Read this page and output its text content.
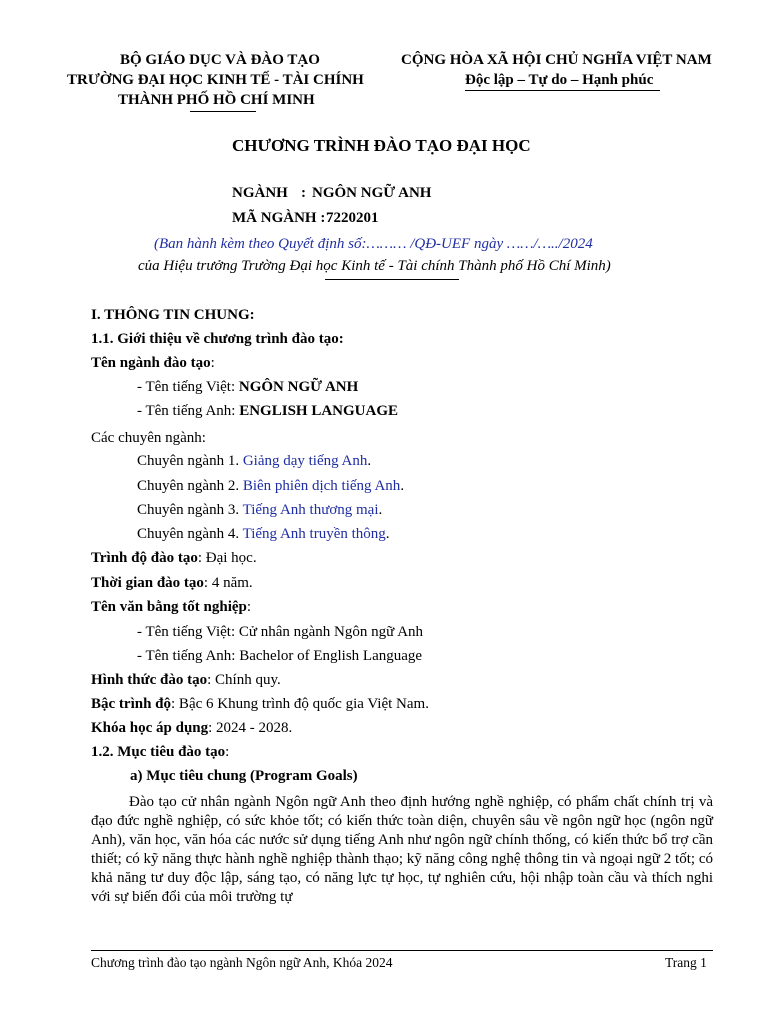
BỘ GIÁO DỤC VÀ ĐÀO TẠO
TRƯỜNG ĐẠI HỌC KINH TẾ - TÀI CHÍNH
THÀNH PHỐ HỒ CHÍ MINH
CỘNG HÒA XÃ HỘI CHỦ NGHĨA VIỆT NAM
Độc lập – Tự do – Hạnh phúc
CHƯƠNG TRÌNH ĐÀO TẠO ĐẠI HỌC
NGÀNH : NGÔN NGỮ ANH
MÃ NGÀNH : 7220201
(Ban hành kèm theo Quyết định số:……… /QĐ-UEF ngày ……/…../2024
của Hiệu trưởng Trường Đại học Kinh tế - Tài chính Thành phố Hồ Chí Minh)
I. THÔNG TIN CHUNG:
1.1. Giới thiệu về chương trình đào tạo:
Tên ngành đào tạo:
- Tên tiếng Việt: NGÔN NGỮ ANH
- Tên tiếng Anh: ENGLISH LANGUAGE
Các chuyên ngành:
Chuyên ngành 1. Giảng dạy tiếng Anh.
Chuyên ngành 2. Biên phiên dịch tiếng Anh.
Chuyên ngành 3. Tiếng Anh thương mại.
Chuyên ngành 4. Tiếng Anh truyền thông.
Trình độ đào tạo: Đại học.
Thời gian đào tạo: 4 năm.
Tên văn bằng tốt nghiệp:
- Tên tiếng Việt: Cử nhân ngành Ngôn ngữ Anh
- Tên tiếng Anh: Bachelor of English Language
Hình thức đào tạo: Chính quy.
Bậc trình độ: Bậc 6 Khung trình độ quốc gia Việt Nam.
Khóa học áp dụng: 2024 - 2028.
1.2. Mục tiêu đào tạo:
a) Mục tiêu chung (Program Goals)
Đào tạo cử nhân ngành Ngôn ngữ Anh theo định hướng nghề nghiệp, có phẩm chất chính trị và đạo đức nghề nghiệp, có sức khỏe tốt; có kiến thức toàn diện, chuyên sâu về ngôn ngữ học (ngôn ngữ Anh), văn học, văn hóa các nước sử dụng tiếng Anh như ngôn ngữ chính thống, có kiến thức bổ trợ cần thiết; có kỹ năng thực hành nghề nghiệp thành thạo; kỹ năng công nghệ thông tin và ngoại ngữ 2 tốt; có khả năng tư duy độc lập, sáng tạo, có năng lực tự học, tự nghiên cứu, hội nhập toàn cầu và thích nghi với sự biến đổi của môi trường tự
Chương trình đào tạo ngành Ngôn ngữ Anh, Khóa 2024	Trang 1
